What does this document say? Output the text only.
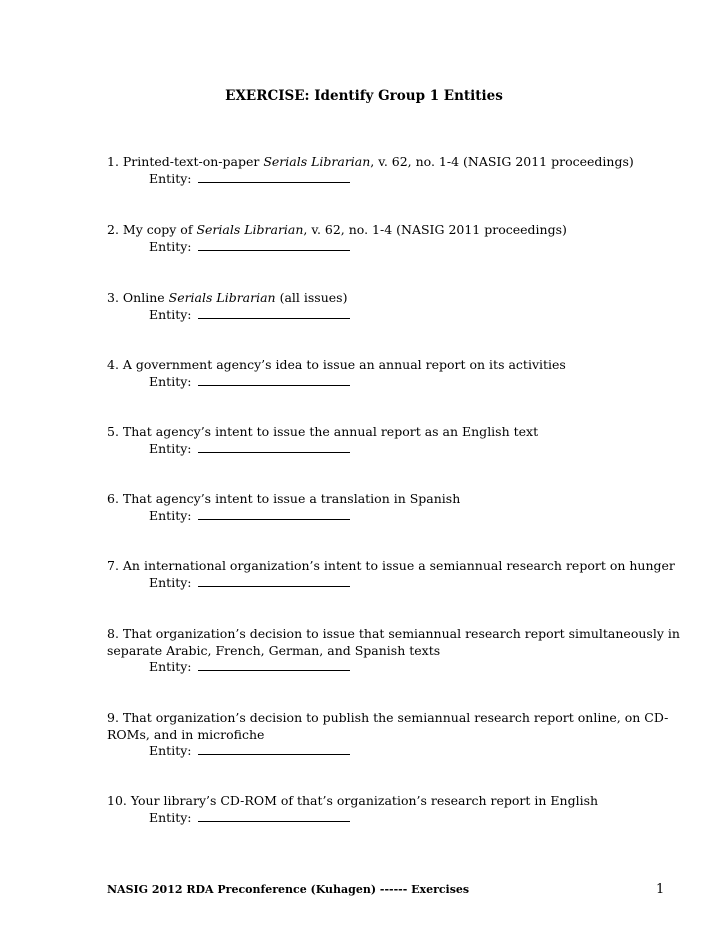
EXERCISE: Identify Group 1 Entities
1. Printed-text-on-paper Serials Librarian, v. 62, no. 1-4 (NASIG 2011 proceedings)
Entity:
2. My copy of Serials Librarian, v. 62, no. 1-4 (NASIG 2011 proceedings)
Entity:
3. Online Serials Librarian (all issues)
Entity:
4. A government agency’s idea to issue an annual report on its activities
Entity:
5. That agency’s intent to issue the annual report as an English text
Entity:
6. That agency’s intent to issue a translation in Spanish
Entity:
7. An international organization’s intent to issue a semiannual research report on hunger
Entity:
8. That organization’s decision to issue that semiannual research report simultaneously in
separate Arabic, French, German, and Spanish texts
Entity:
9. That organization’s decision to publish the semiannual research report online, on CD-
ROMs, and in microfiche
Entity:
10. Your library’s CD-ROM of that’s organization’s research report in English
Entity:
NASIG 2012 RDA Preconference (Kuhagen) ------ Exercises	1
